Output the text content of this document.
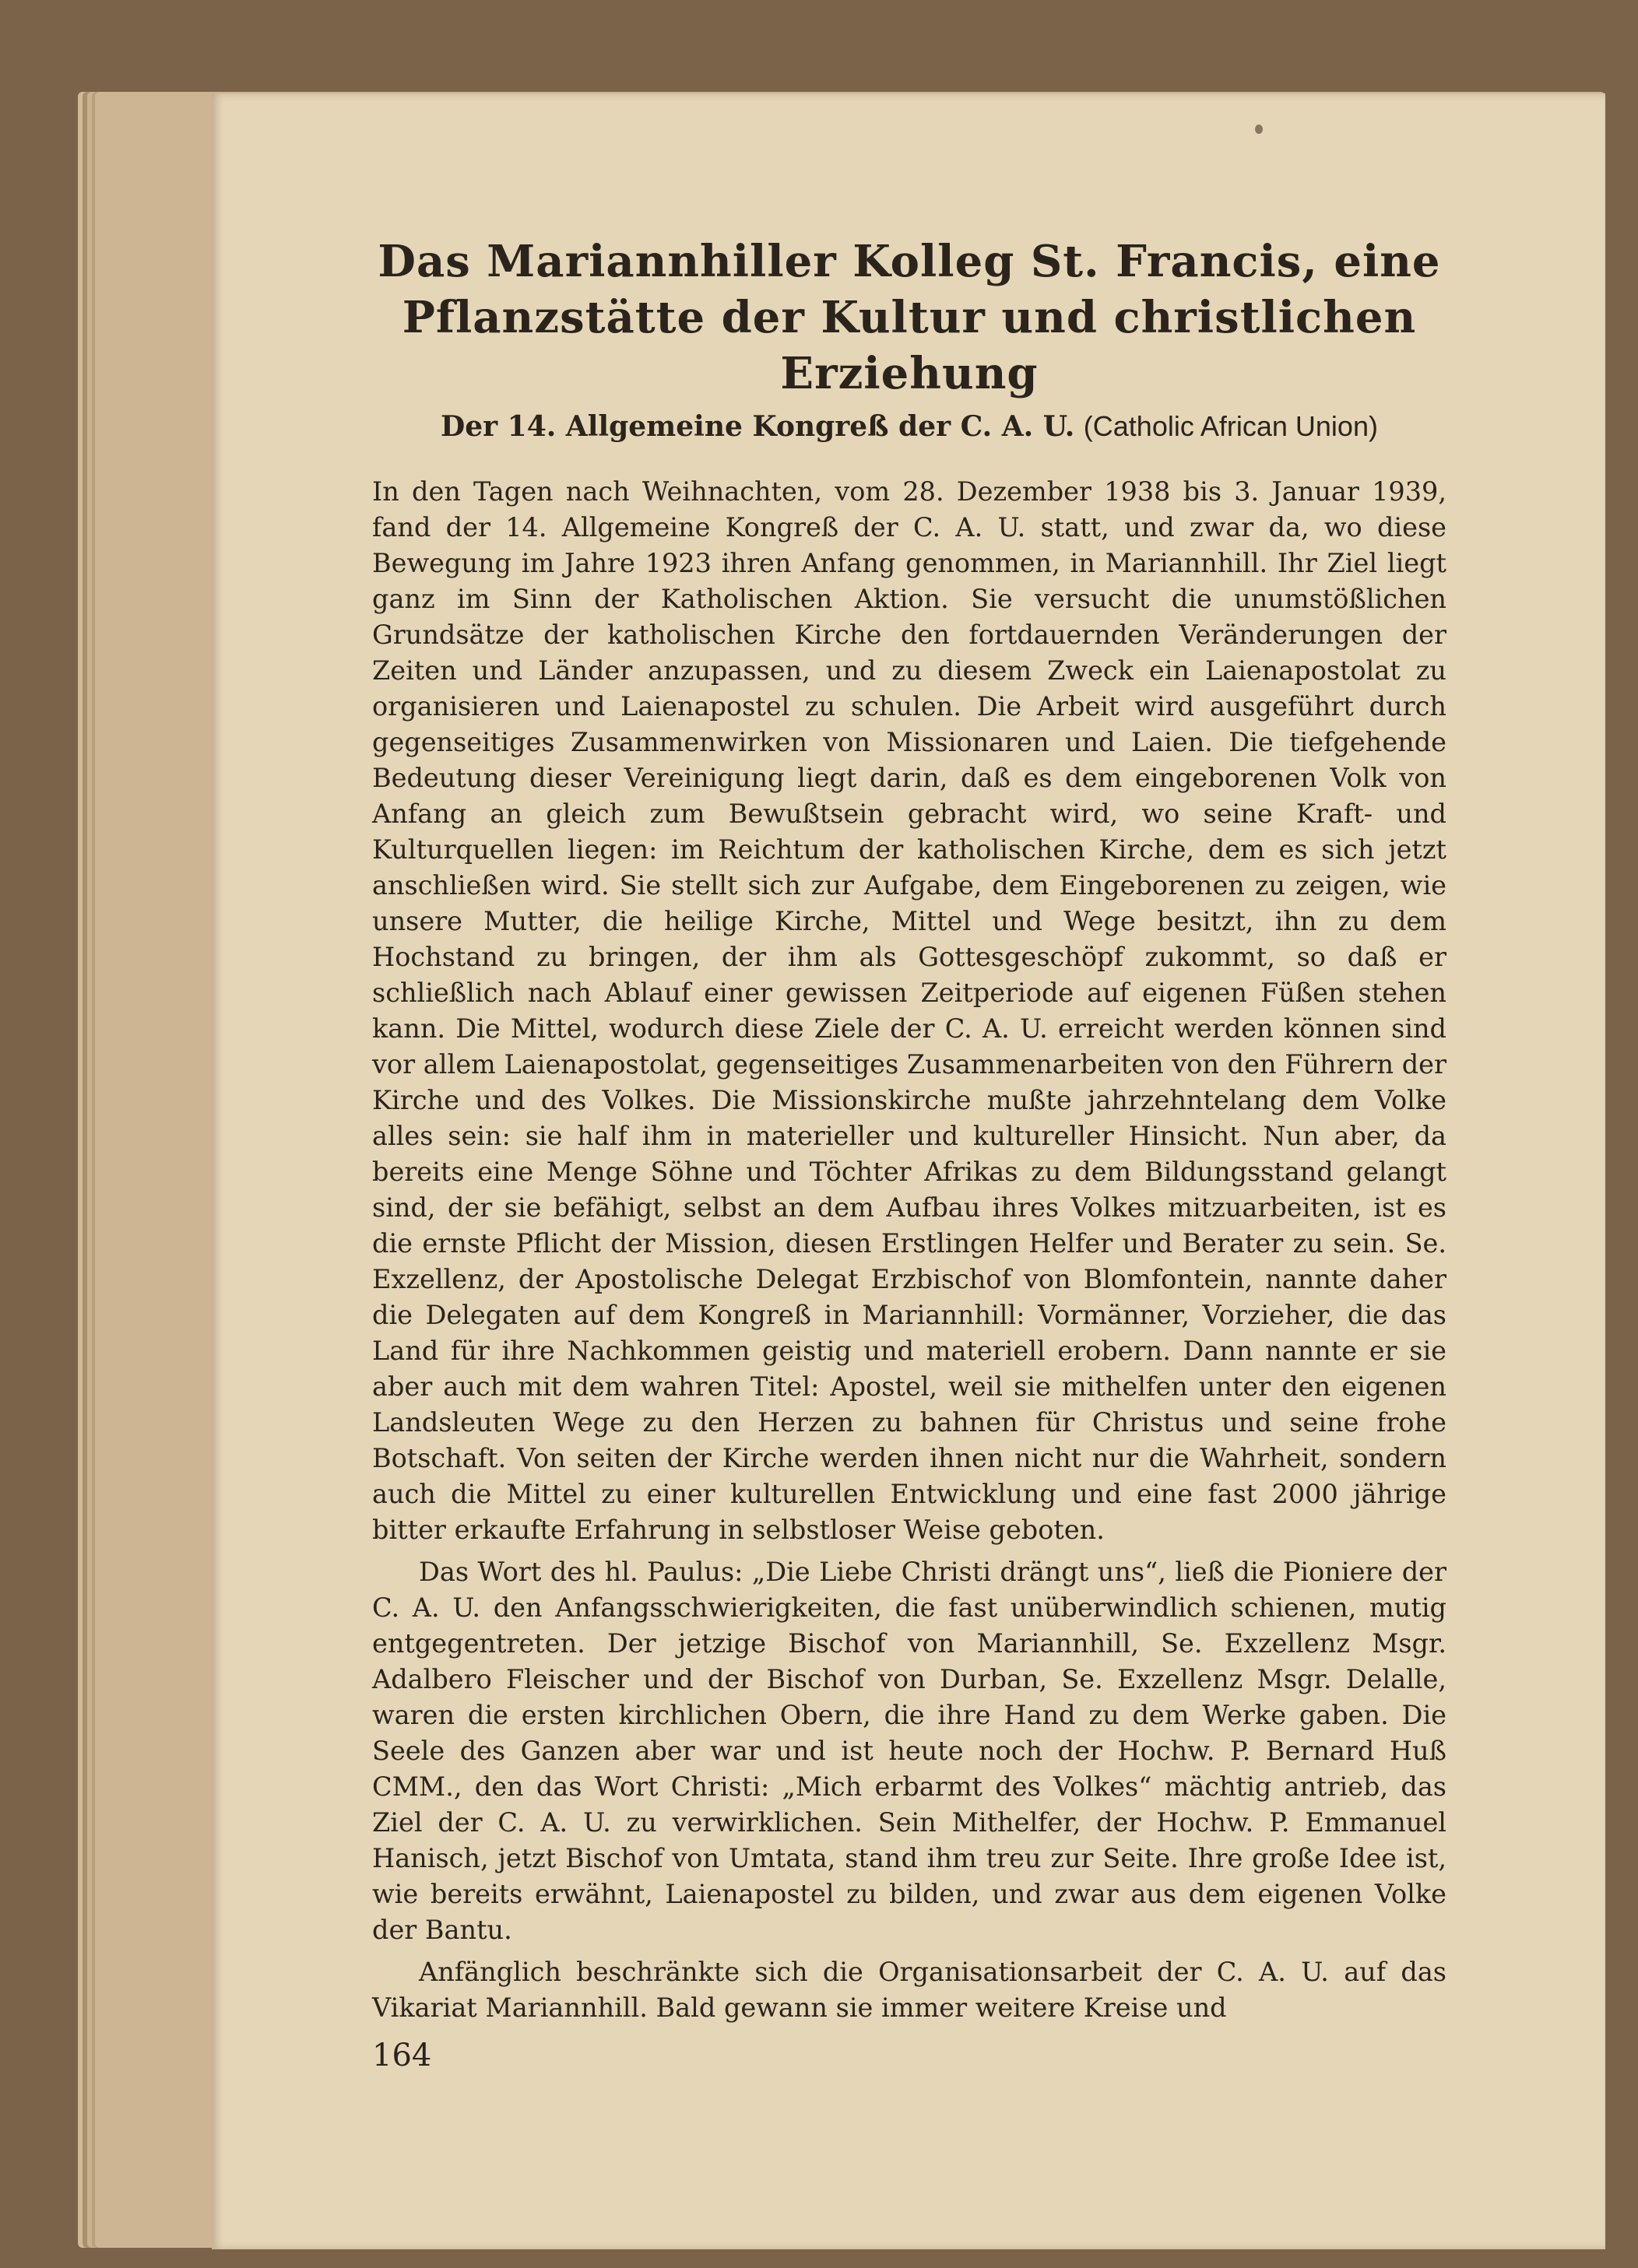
Das Mariannhiller Kolleg St. Francis, eine

Pflanzstätte der Kultur und christlichen Erziehung

Der 14. Allgemeine Kongreß der C. A. U. (Catholic African Union)

In den Tagen nach Weihnachten, vom 28. Dezember 1938 bis 3. Januar 1939, fand der 14. Allgemeine Kongreß der C. A. U. statt, und zwar da, wo diese Bewegung im Jahre 1923 ihren Anfang genommen, in Mariannhill. Ihr Ziel liegt ganz im Sinn der Katholischen Aktion. Sie versucht die unumstößlichen Grundsätze der katholischen Kirche den fortdauernden Veränderungen der Zeiten und Länder anzupassen, und zu diesem Zweck ein Laienapostolat zu organisieren und Laienapostel zu schulen. Die Arbeit wird ausgeführt durch gegenseitiges Zusammenwirken von Missionaren und Laien. Die tiefgehende Bedeutung dieser Vereinigung liegt darin, daß es dem eingeborenen Volk von Anfang an gleich zum Bewußtsein gebracht wird, wo seine Kraft- und Kulturquellen liegen: im Reichtum der katholischen Kirche, dem es sich jetzt anschließen wird. Sie stellt sich zur Aufgabe, dem Eingeborenen zu zeigen, wie unsere Mutter, die heilige Kirche, Mittel und Wege besitzt, ihn zu dem Hochstand zu bringen, der ihm als Gottesgeschöpf zukommt, so daß er schließlich nach Ablauf einer gewissen Zeitperiode auf eigenen Füßen stehen kann. Die Mittel, wodurch diese Ziele der C. A. U. erreicht werden können sind vor allem Laienapostolat, gegenseitiges Zusammenarbeiten von den Führern der Kirche und des Volkes. Die Missionskirche mußte jahrzehntelang dem Volke alles sein: sie half ihm in materieller und kultureller Hinsicht. Nun aber, da bereits eine Menge Söhne und Töchter Afrikas zu dem Bildungsstand gelangt sind, der sie befähigt, selbst an dem Aufbau ihres Volkes mitzuarbeiten, ist es die ernste Pflicht der Mission, diesen Erstlingen Helfer und Berater zu sein. Se. Exzellenz, der Apostolische Delegat Erzbischof von Blomfontein, nannte daher die Delegaten auf dem Kongreß in Mariannhill: Vormänner, Vorzieher, die das Land für ihre Nachkommen geistig und materiell erobern. Dann nannte er sie aber auch mit dem wahren Titel: Apostel, weil sie mithelfen unter den eigenen Landsleuten Wege zu den Herzen zu bahnen für Christus und seine frohe Botschaft. Von seiten der Kirche werden ihnen nicht nur die Wahrheit, sondern auch die Mittel zu einer kulturellen Entwicklung und eine fast 2000 jährige bitter erkaufte Erfahrung in selbstloser Weise geboten.

Das Wort des hl. Paulus: „Die Liebe Christi drängt uns“, ließ die Pioniere der C. A. U. den Anfangsschwierigkeiten, die fast unüberwindlich schienen, mutig entgegentreten. Der jetzige Bischof von Mariannhill, Se. Exzellenz Msgr. Adalbero Fleischer und der Bischof von Durban, Se. Exzellenz Msgr. Delalle, waren die ersten kirchlichen Obern, die ihre Hand zu dem Werke gaben. Die Seele des Ganzen aber war und ist heute noch der Hochw. P. Bernard Huß CMM., den das Wort Christi: „Mich erbarmt des Volkes“ mächtig antrieb, das Ziel der C. A. U. zu verwirklichen. Sein Mithelfer, der Hochw. P. Emmanuel Hanisch, jetzt Bischof von Umtata, stand ihm treu zur Seite. Ihre große Idee ist, wie bereits erwähnt, Laienapostel zu bilden, und zwar aus dem eigenen Volke der Bantu.

Anfänglich beschränkte sich die Organisationsarbeit der C. A. U. auf das Vikariat Mariannhill. Bald gewann sie immer weitere Kreise und

164
